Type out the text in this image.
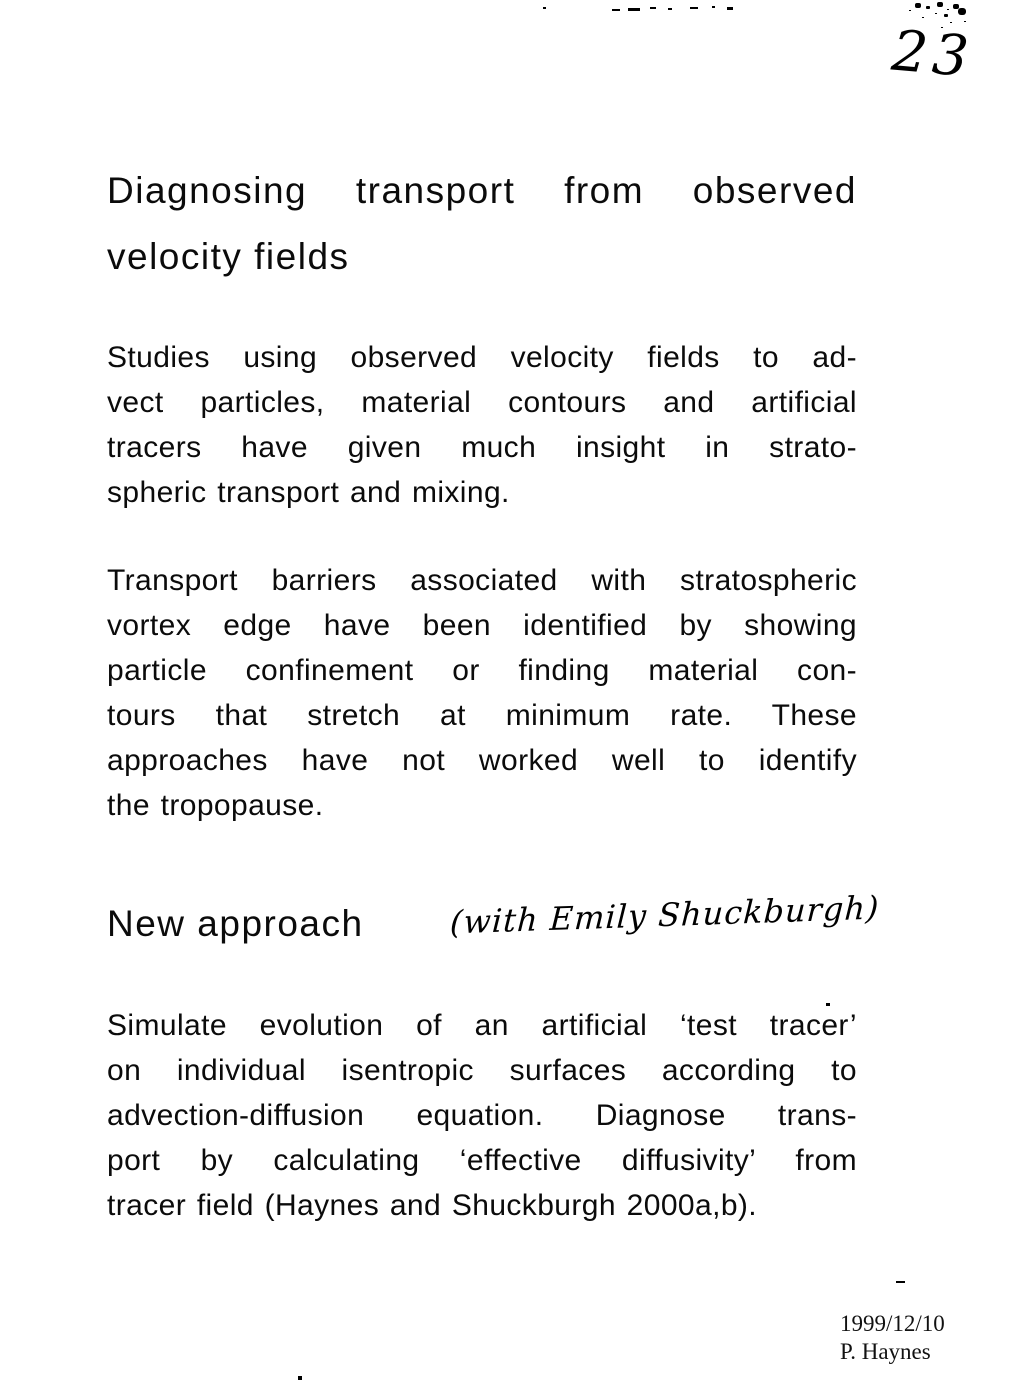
23
Diagnosing transport from observed
velocity fields
Studies using observed velocity fields to ad-
vect particles, material contours and artificial
tracers have given much insight in strato-
spheric transport and mixing.
Transport barriers associated with stratospheric
vortex edge have been identified by showing
particle confinement or finding material con-
tours that stretch at minimum rate. These
approaches have not worked well to identify
the tropopause.
New approach	(with Emily Shuckburgh)
Simulate evolution of an artificial ‘test tracer’
on individual isentropic surfaces according to
advection-diffusion equation. Diagnose trans-
port by calculating ‘effective diffusivity’ from
tracer field (Haynes and Shuckburgh 2000a,b).
1999/12/10
P. Haynes
